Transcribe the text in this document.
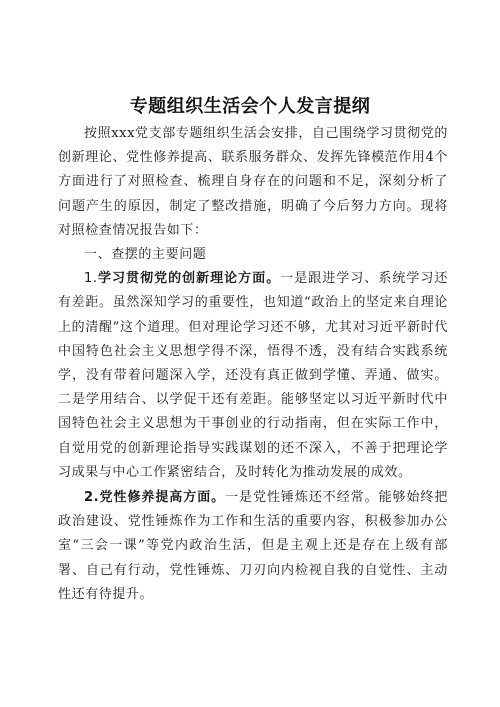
专题组织生活会个人发言提纲

按照xxx党支部专题组织生活会安排，自己围绕学习贯彻党的创新理论、党性修养提高、联系服务群众、发挥先锋模范作用4个方面进行了对照检查、梳理自身存在的问题和不足，深刻分析了问题产生的原因，制定了整改措施，明确了今后努力方向。现将对照检查情况报告如下：

一、查摆的主要问题

1.学习贯彻党的创新理论方面。一是跟进学习、系统学习还有差距。虽然深知学习的重要性，也知道“政治上的坚定来自理论上的清醒”这个道理。但对理论学习还不够，尤其对习近平新时代中国特色社会主义思想学得不深，悟得不透，没有结合实践系统学，没有带着问题深入学，还没有真正做到学懂、弄通、做实。二是学用结合、以学促干还有差距。能够坚定以习近平新时代中国特色社会主义思想为干事创业的行动指南，但在实际工作中，自觉用党的创新理论指导实践谋划的还不深入，不善于把理论学习成果与中心工作紧密结合，及时转化为推动发展的成效。

2.党性修养提高方面。一是党性锤炼还不经常。能够始终把政治建设、党性锤炼作为工作和生活的重要内容，积极参加办公室“三会一课”等党内政治生活，但是主观上还是存在上级有部署、自己有行动，党性锤炼、刀刃向内检视自我的自觉性、主动性还有待提升。
